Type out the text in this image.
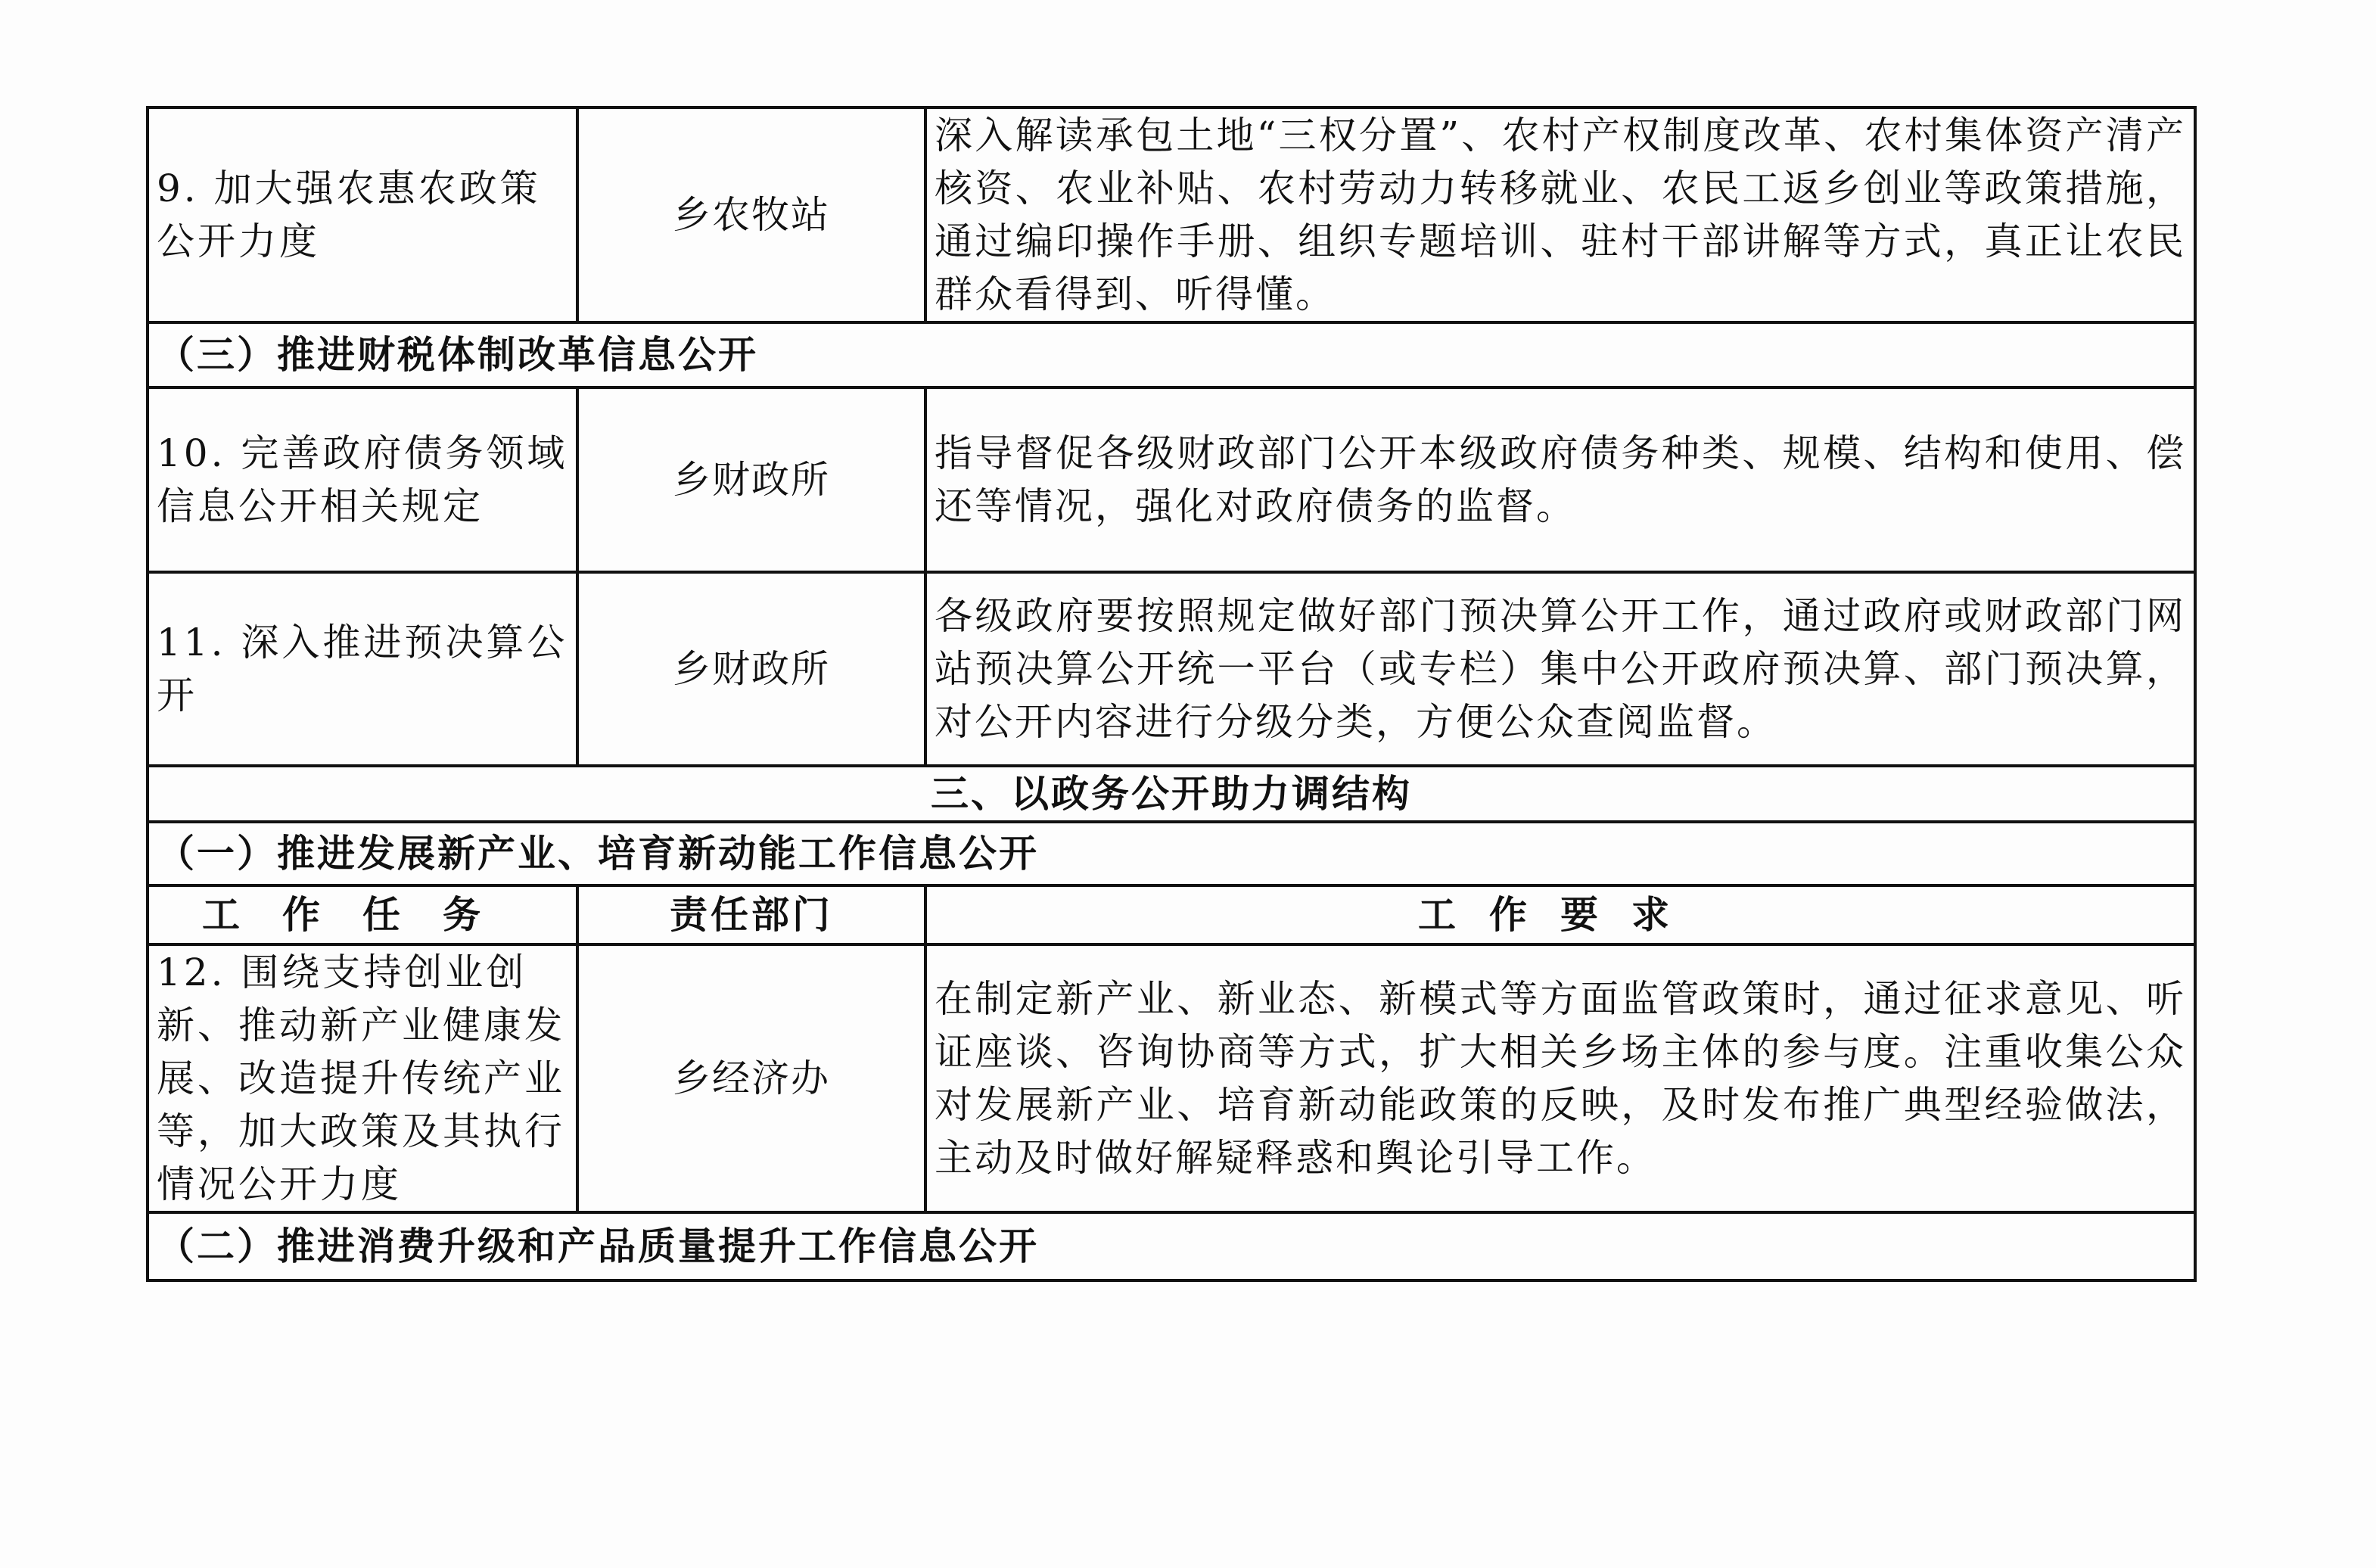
9. 加大强农惠农政策公开力度	乡农牧站	深入解读承包土地“三权分置”、农村产权制度改革、农村集体资产清产核资、农业补贴、农村劳动力转移就业、农民工返乡创业等政策措施，通过编印操作手册、组织专题培训、驻村干部讲解等方式，真正让农民群众看得到、听得懂。
（三）推进财税体制改革信息公开		
10. 完善政府债务领域信息公开相关规定	乡财政所	指导督促各级财政部门公开本级政府债务种类、规模、结构和使用、偿还等情况，强化对政府债务的监督。
11. 深入推进预决算公开	乡财政所	各级政府要按照规定做好部门预决算公开工作，通过政府或财政部门网站预决算公开统一平台（或专栏）集中公开政府预决算、部门预决算，对公开内容进行分级分类，方便公众查阅监督。
三、以政务公开助力调结构		
（一）推进发展新产业、培育新动能工作信息公开		
工作任务	责任部门	工作要求
12. 围绕支持创业创新、推动新产业健康发展、改造提升传统产业等，加大政策及其执行情况公开力度	乡经济办	在制定新产业、新业态、新模式等方面监管政策时，通过征求意见、听证座谈、咨询协商等方式，扩大相关乡场主体的参与度。注重收集公众对发展新产业、培育新动能政策的反映，及时发布推广典型经验做法，主动及时做好解疑释惑和舆论引导工作。
（二）推进消费升级和产品质量提升工作信息公开		
